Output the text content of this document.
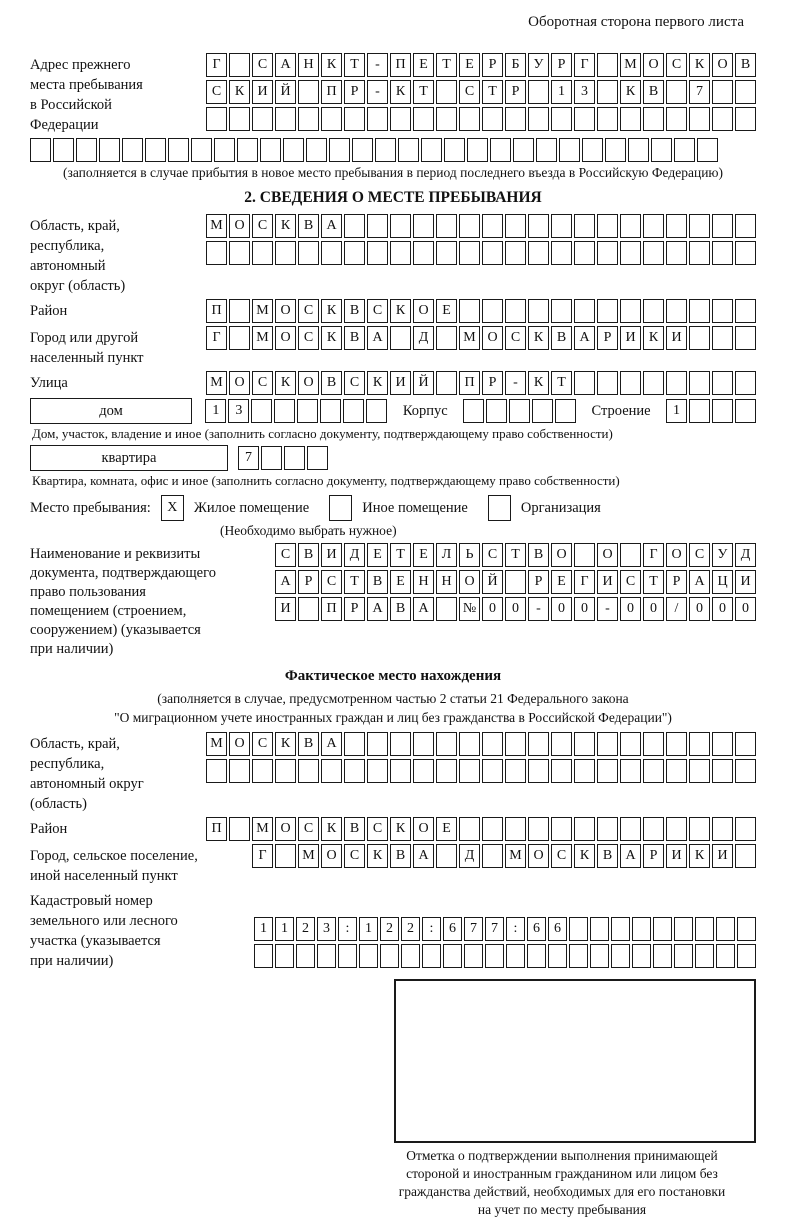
Оборотная сторона первого листа
Адрес прежнего
места пребывания
в Российской
Федерации
Г	С А Н К	Т	-	П Е	Т	Е	Р	Б	У	Р	Г	М О С К О В
С К И Й	П	Р	-	К	Т	С	Т	Р	1	3	К В	7
(заполняется в случае прибытия в новое место пребывания в период последнего въезда в Российскую Федерацию)
2. СВЕДЕНИЯ О МЕСТЕ ПРЕБЫВАНИЯ
Область, край,
республика,
автономный
округ (область)
М О С К В А
Район	П	М О С К В С К О Е
Город или другой
населенный пункт
Г	М О С К В А	Д	М О С К В А	Р	И К И
Улица	М О С К О В С К И Й	П	Р	-	К	Т
дом	1	3	Корпус	Строение	1
Дом, участок, владение и иное (заполнить согласно документу, подтверждающему право собственности)
квартира	7
Квартира, комната, офис и иное (заполнить согласно документу, подтверждающему право собственности)
Место пребывания:	X	Жилое помещение	Иное помещение	Организация
(Необходимо выбрать нужное)
Наименование и реквизиты
документа, подтверждающего
право пользования
помещением (строением,
сооружением) (указывается
при наличии)
С В И Д Е	Т	Е Л	Ь	С	Т	В О	О	Г О С У Д
А	Р	С	Т	В	Е Н Н О Й	Р	Е	Г И С	Т	Р	А Ц И
И	П	Р	А В А	№ 0	0	-	0	0	-	0	0	/	0	0	0
Фактическое место нахождения
(заполняется в случае, предусмотренном частью 2 статьи 21 Федерального закона
"О миграционном учете иностранных граждан и лиц без гражданства в Российской Федерации")
Область, край,
республика,
автономный округ
(область)
М О С К В А
Район	П	М О С К В С К О Е
Город, сельское поселение,
иной населенный пункт
Г	М О С К В А	Д	М О С К В А	Р	И К И
Кадастровый номер
земельного или лесного
участка (указывается
при наличии)
1	1	2	3	:	1	2	2	:	6	7	7	:	6	6
Отметка о подтверждении выполнения принимающей
стороной и иностранным гражданином или лицом без
гражданства действий, необходимых для его постановки
на учет по месту пребывания
